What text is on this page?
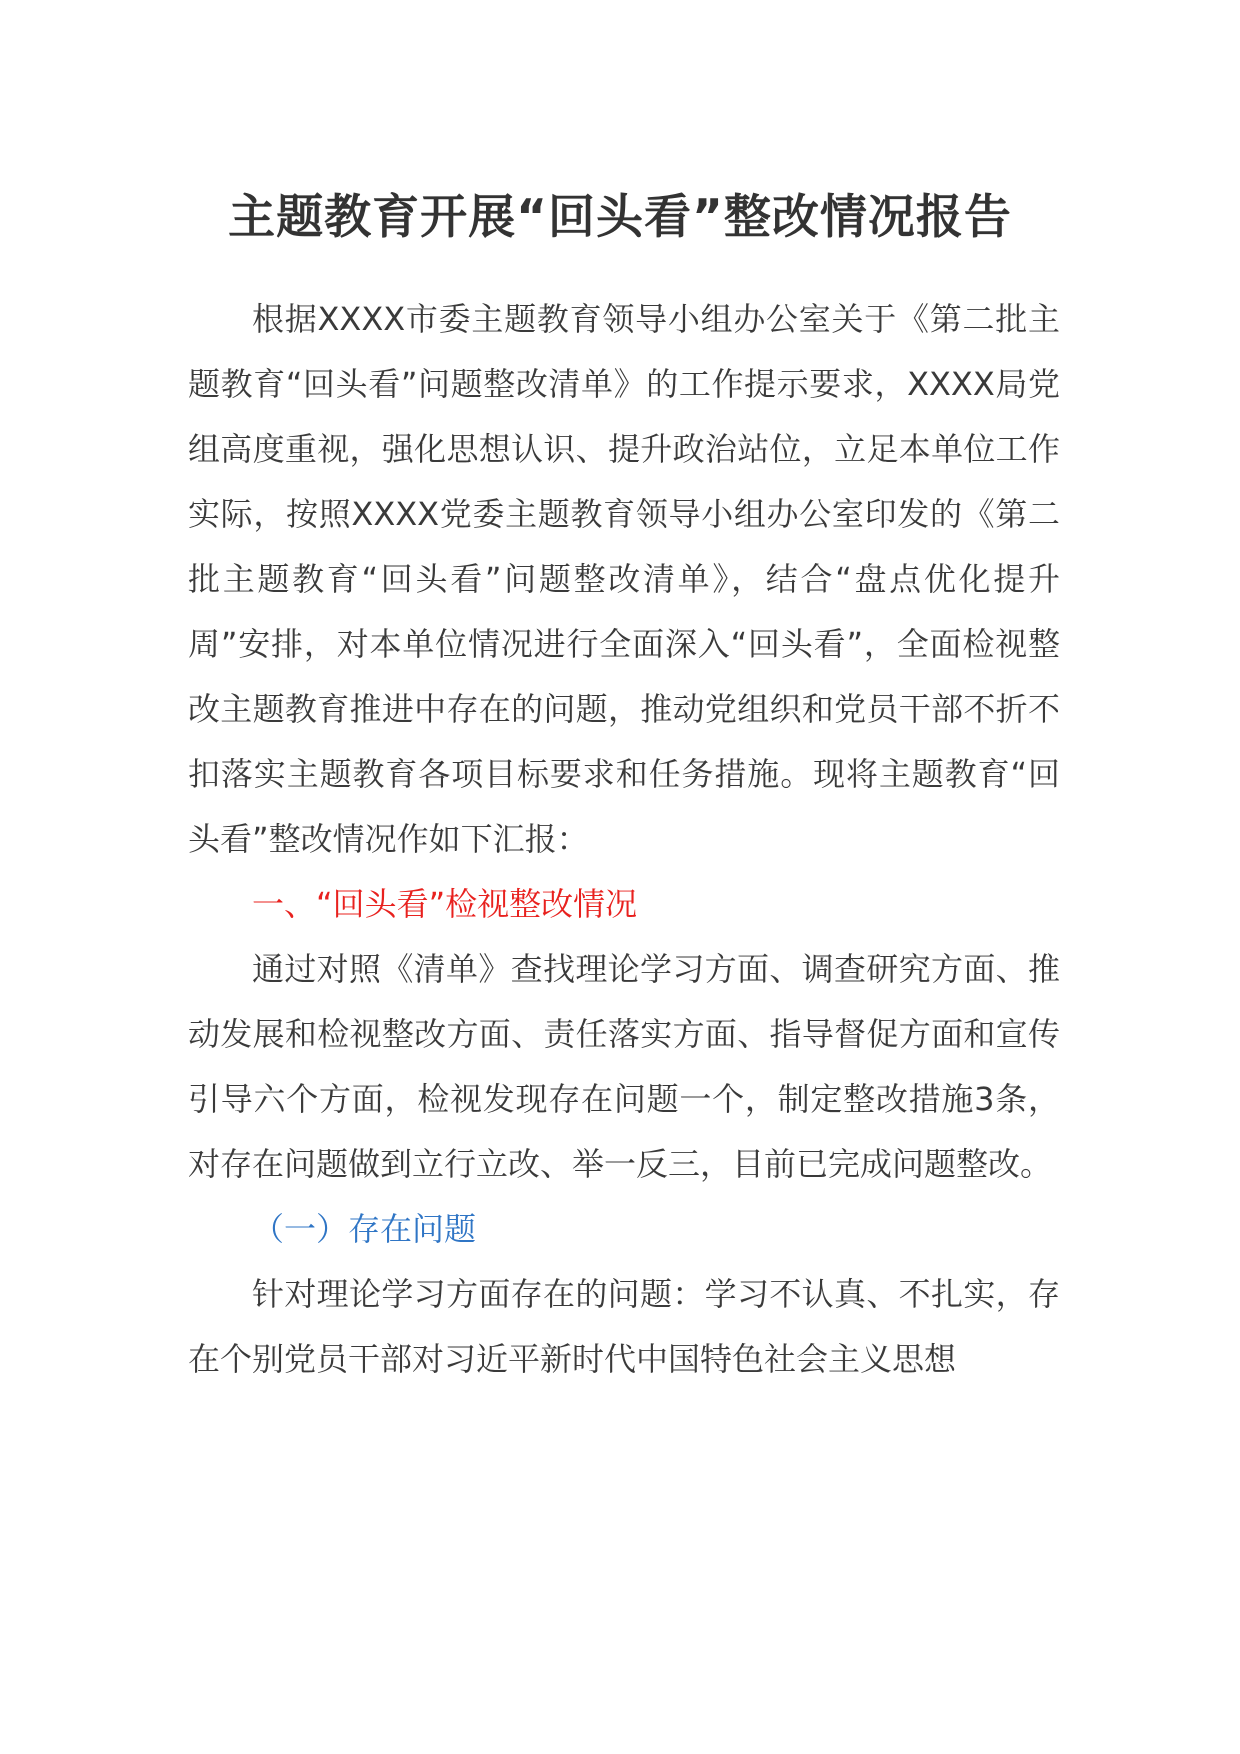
主题教育开展“回头看”整改情况报告

根据XXXX市委主题教育领导小组办公室关于《第二批主题教育“回头看”问题整改清单》的工作提示要求，XXXX局党组高度重视，强化思想认识、提升政治站位，立足本单位工作实际，按照XXXX党委主题教育领导小组办公室印发的《第二批主题教育“回头看”问题整改清单》，结合“盘点优化提升周”安排，对本单位情况进行全面深入“回头看”，全面检视整改主题教育推进中存在的问题，推动党组织和党员干部不折不扣落实主题教育各项目标要求和任务措施。现将主题教育“回头看”整改情况作如下汇报：

一、“回头看”检视整改情况

通过对照《清单》查找理论学习方面、调查研究方面、推动发展和检视整改方面、责任落实方面、指导督促方面和宣传引导六个方面，检视发现存在问题一个，制定整改措施3条，对存在问题做到立行立改、举一反三，目前已完成问题整改。

（一）存在问题

针对理论学习方面存在的问题：学习不认真、不扎实，存在个别党员干部对习近平新时代中国特色社会主义思想
